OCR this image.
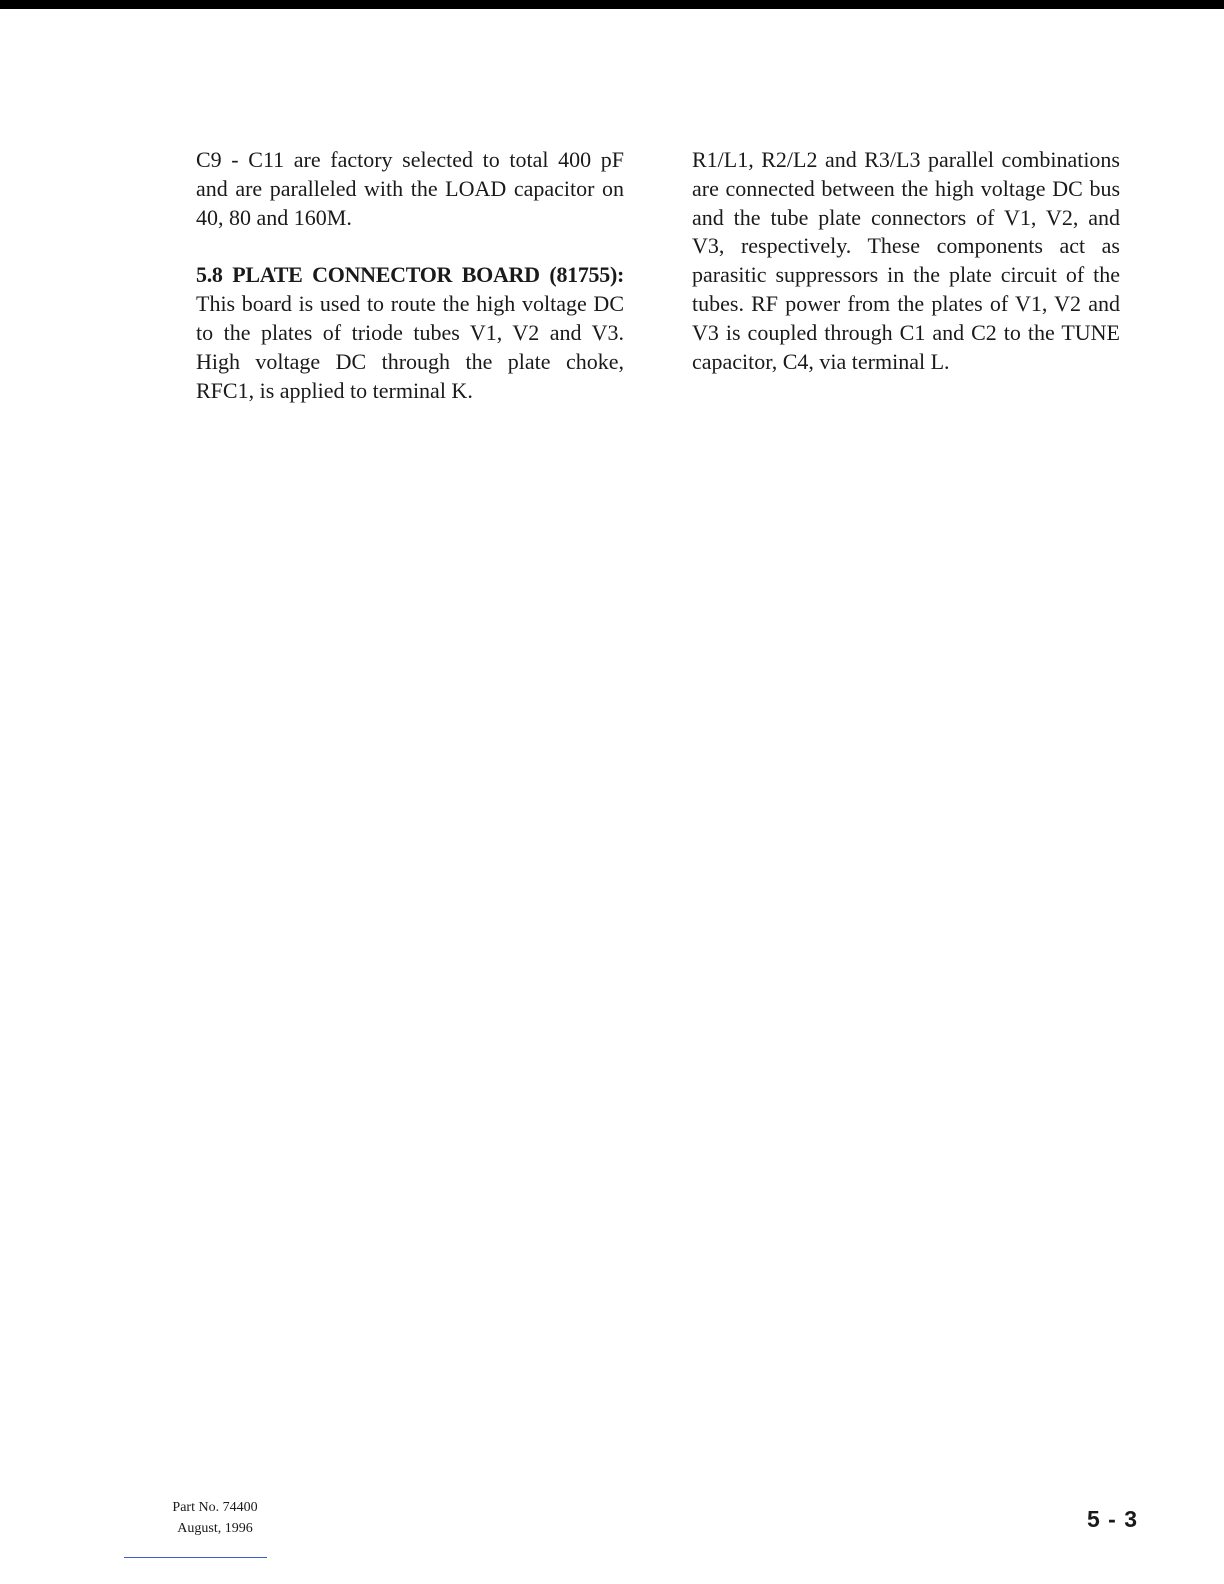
C9 - C11 are factory selected to total 400 pF and are paralleled with the LOAD capacitor on 40, 80 and 160M.

5.8 PLATE CONNECTOR BOARD (81755): This board is used to route the high voltage DC to the plates of triode tubes V1, V2 and V3. High voltage DC through the plate choke, RFC1, is applied to terminal K.

R1/L1, R2/L2 and R3/L3 parallel combinations are connected between the high voltage DC bus and the tube plate connectors of V1, V2, and V3, respectively. These components act as parasitic suppressors in the plate circuit of the tubes. RF power from the plates of V1, V2 and V3 is coupled through C1 and C2 to the TUNE capacitor, C4, via terminal L.

Part No. 74400
August, 1996	5 - 3
